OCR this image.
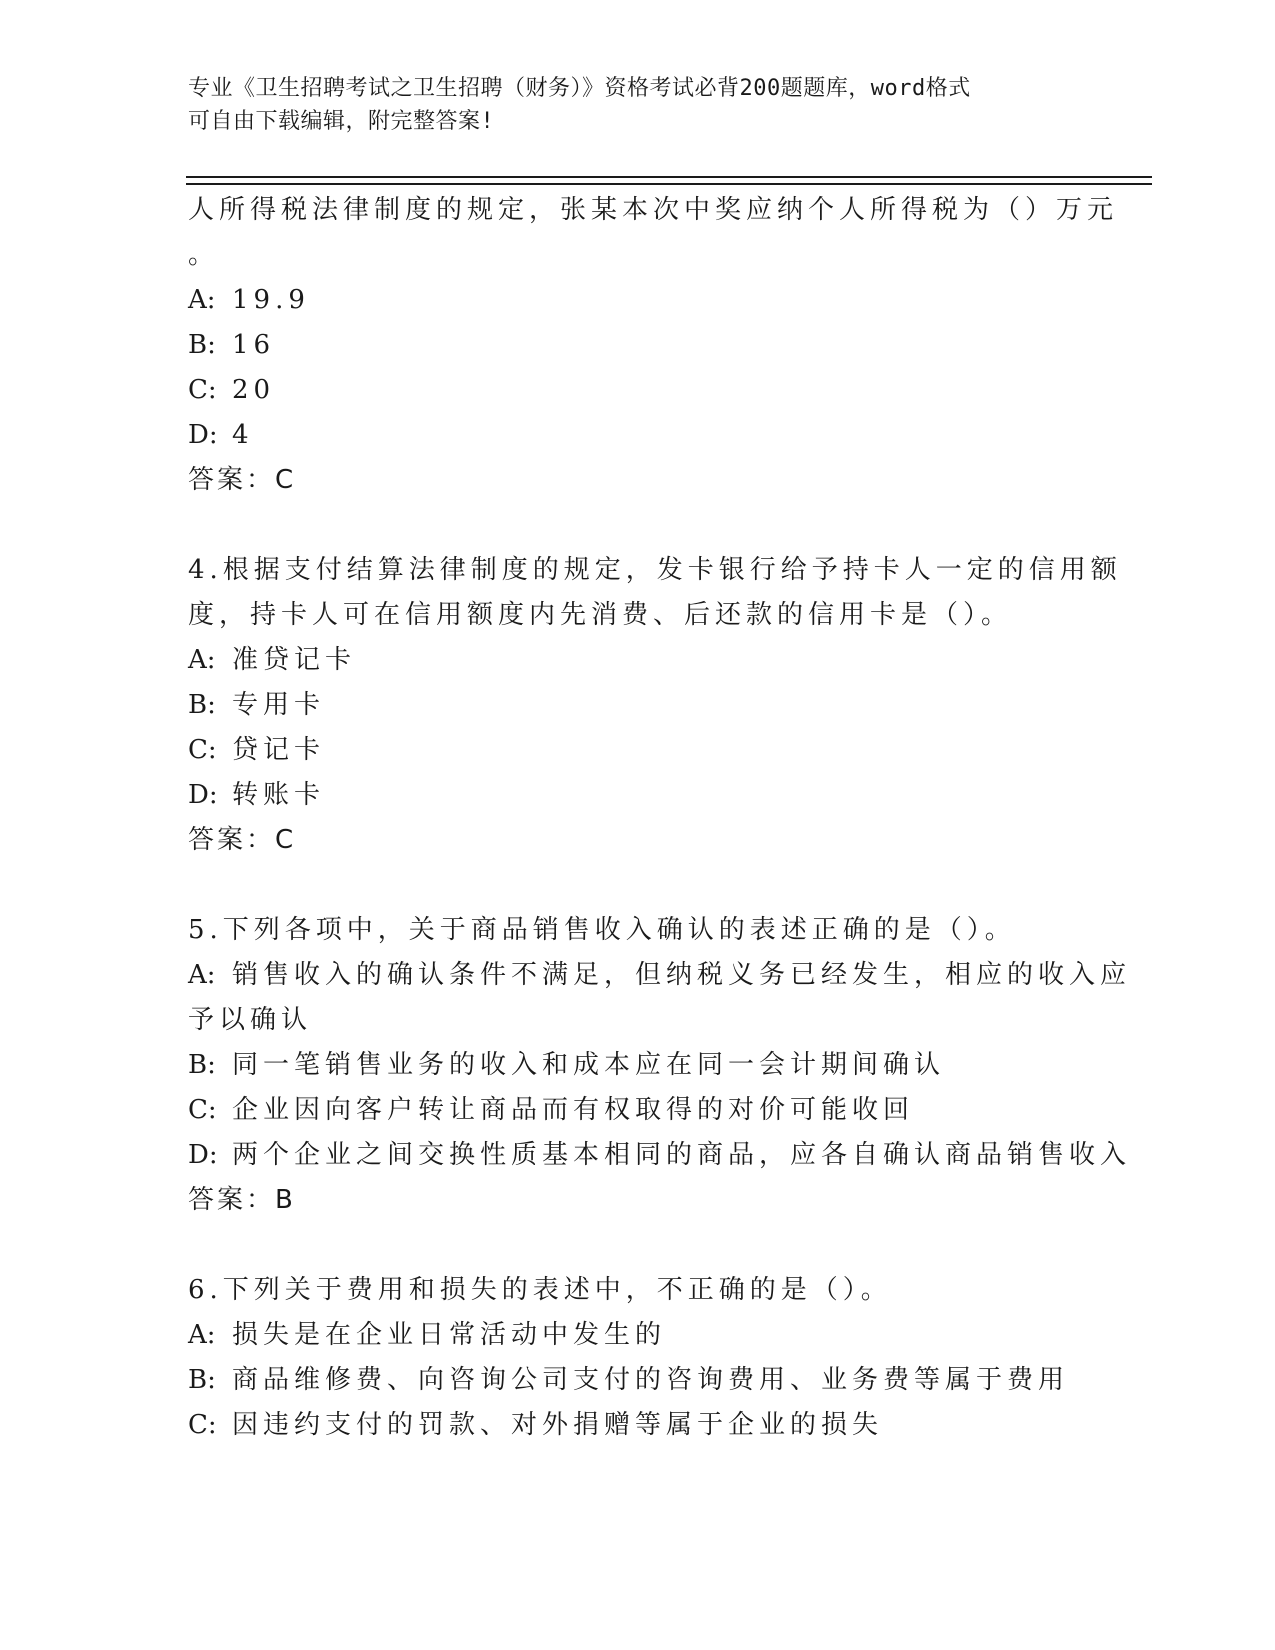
专业《卫生招聘考试之卫生招聘（财务）》资格考试必背200题题库，word格式
可自由下载编辑，附完整答案!
人所得税法律制度的规定，张某本次中奖应纳个人所得税为（）万元
。
A: 19.9
B: 16
C: 20
D: 4
答案：C
4.根据支付结算法律制度的规定，发卡银行给予持卡人一定的信用额
度，持卡人可在信用额度内先消费、后还款的信用卡是（）。
A: 准贷记卡
B: 专用卡
C: 贷记卡
D: 转账卡
答案：C
5.下列各项中，关于商品销售收入确认的表述正确的是（）。
A: 销售收入的确认条件不满足，但纳税义务已经发生，相应的收入应
予以确认
B: 同一笔销售业务的收入和成本应在同一会计期间确认
C: 企业因向客户转让商品而有权取得的对价可能收回
D: 两个企业之间交换性质基本相同的商品，应各自确认商品销售收入
答案：B
6.下列关于费用和损失的表述中，不正确的是（）。
A: 损失是在企业日常活动中发生的
B: 商品维修费、向咨询公司支付的咨询费用、业务费等属于费用
C: 因违约支付的罚款、对外捐赠等属于企业的损失
